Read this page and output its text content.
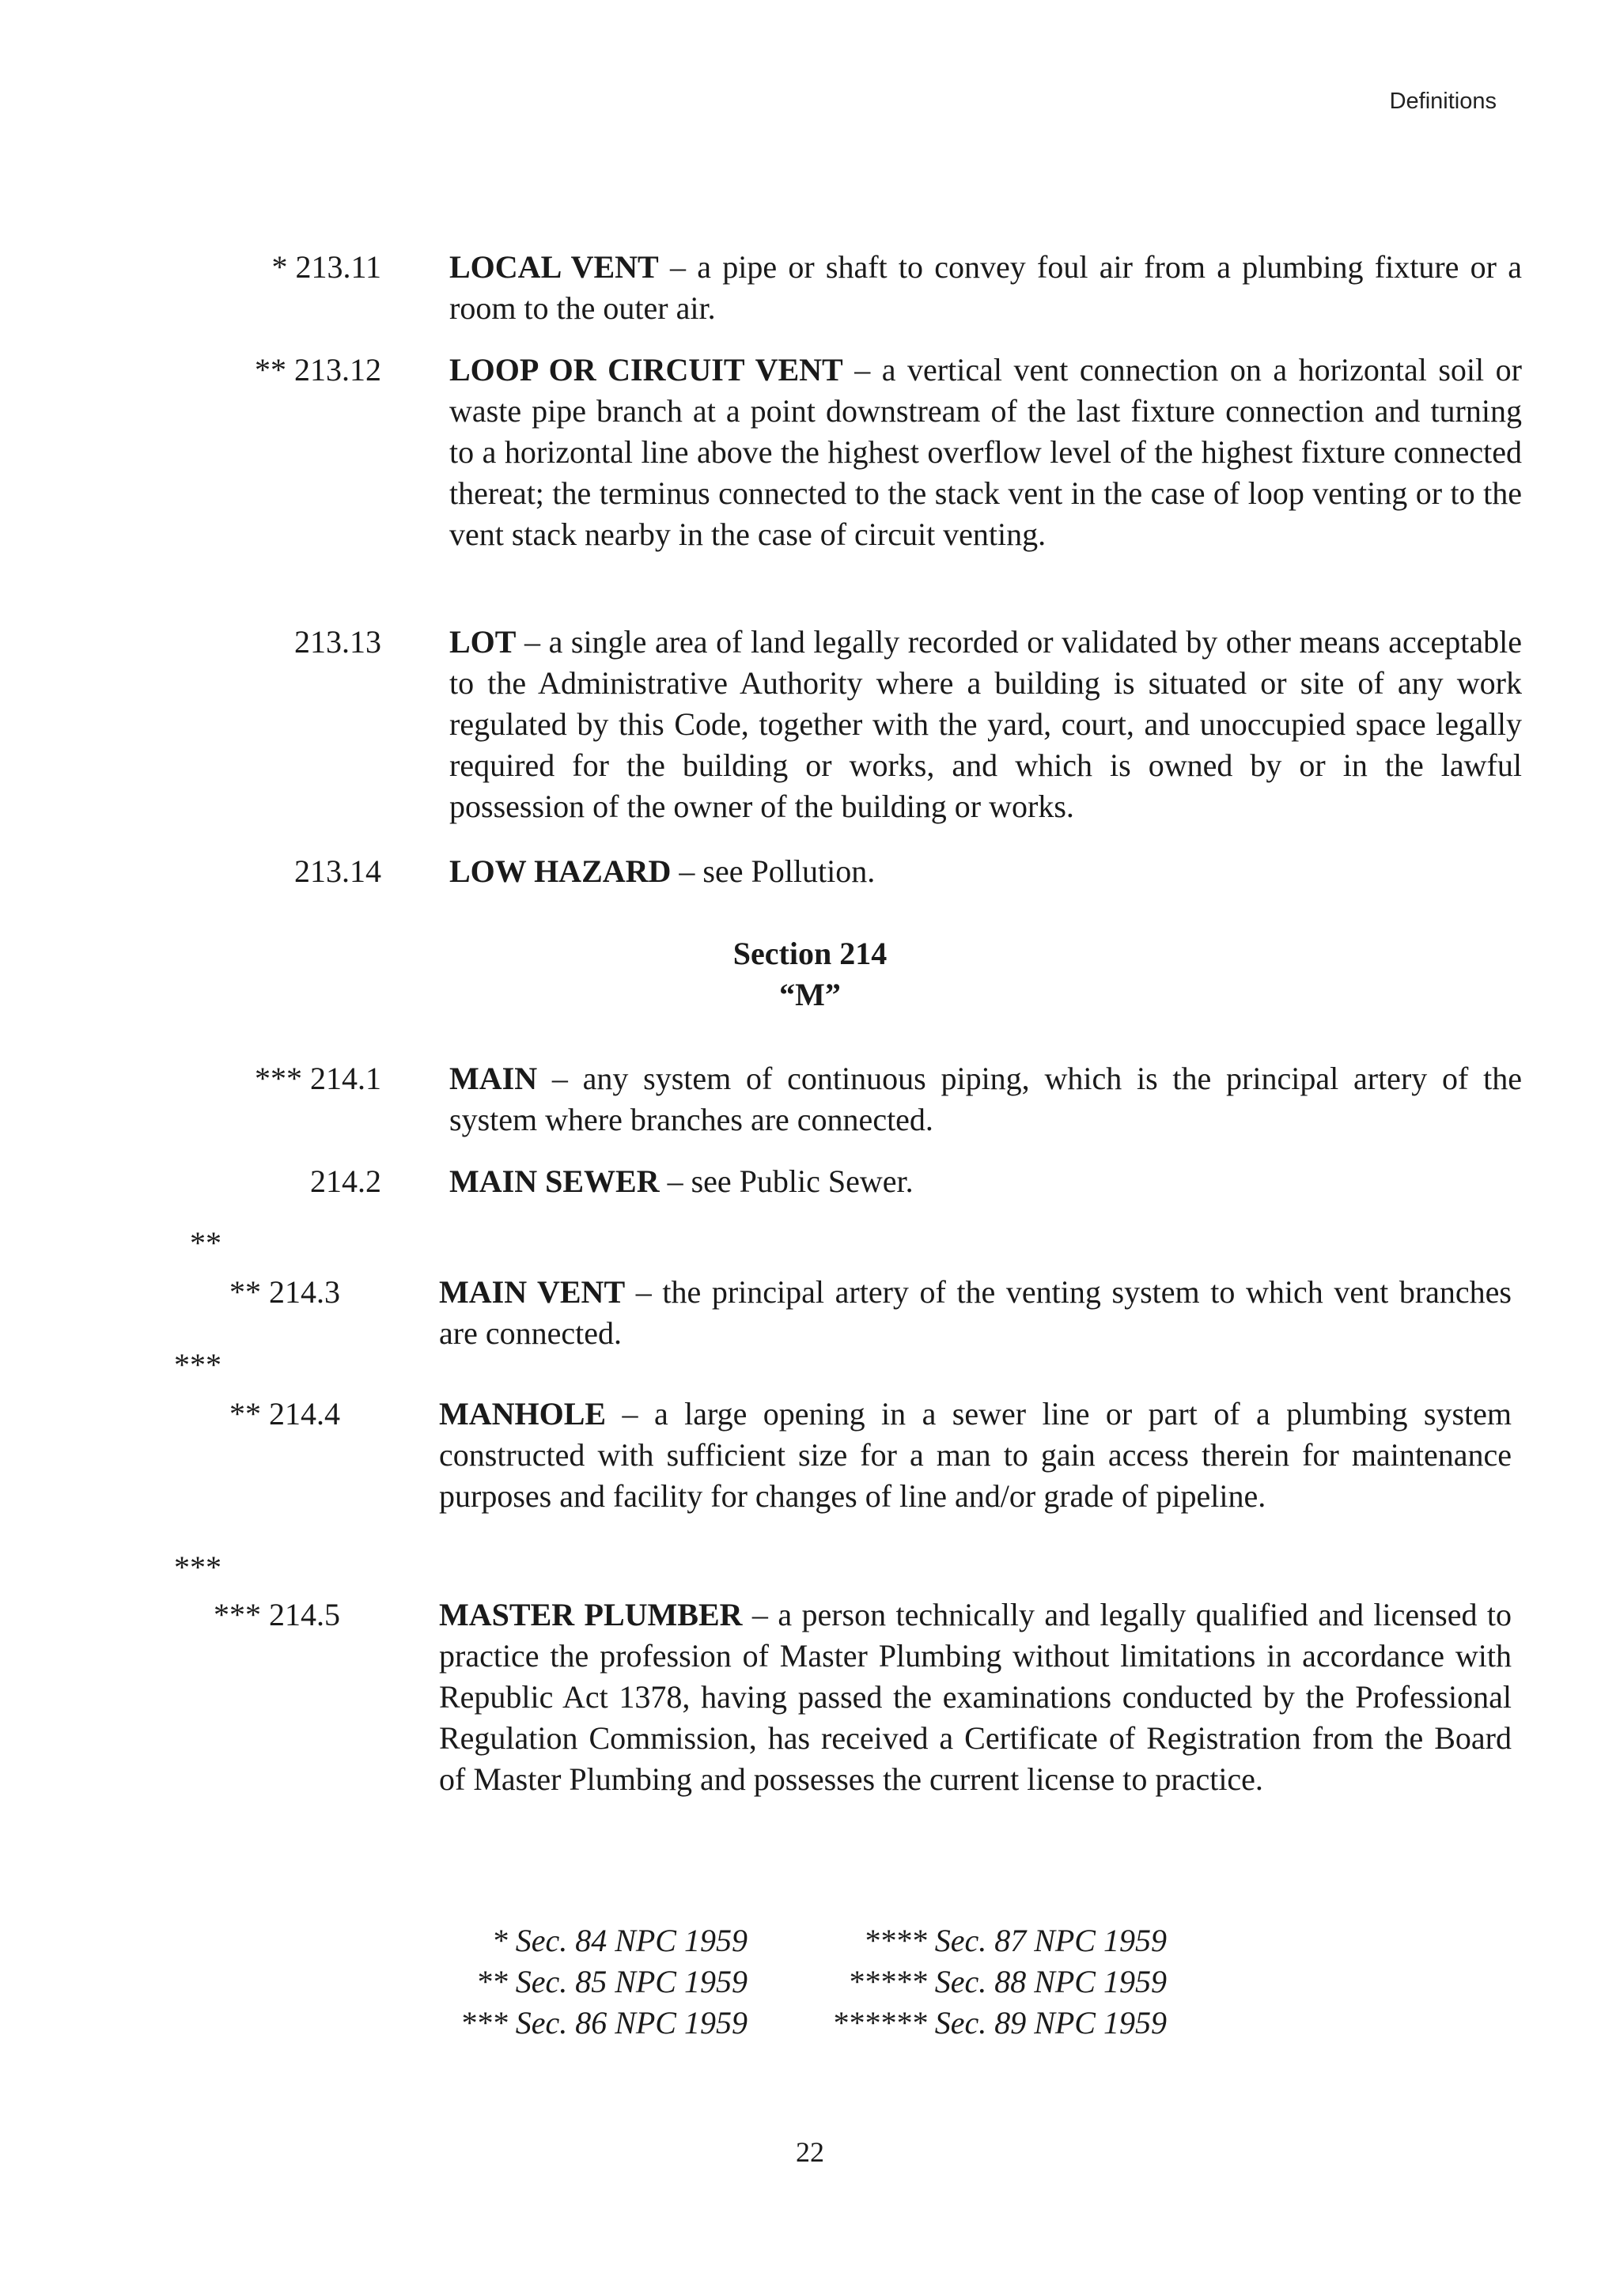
Definitions
* 213.11 LOCAL VENT – a pipe or shaft to convey foul air from a plumbing fixture or a room to the outer air.
** 213.12 LOOP OR CIRCUIT VENT – a vertical vent connection on a horizontal soil or waste pipe branch at a point downstream of the last fixture connection and turning to a horizontal line above the highest overflow level of the highest fixture connected thereat; the terminus connected to the stack vent in the case of loop venting or to the vent stack nearby in the case of circuit venting.
213.13 LOT – a single area of land legally recorded or validated by other means acceptable to the Administrative Authority where a building is situated or site of any work regulated by this Code, together with the yard, court, and unoccupied space legally required for the building or works, and which is owned by or in the lawful possession of the owner of the building or works.
213.14 LOW HAZARD – see Pollution.
Section 214
“M”
*** 214.1 MAIN – any system of continuous piping, which is the principal artery of the system where branches are connected.
214.2 MAIN SEWER – see Public Sewer.
**
** 214.3	MAIN VENT – the principal artery of the venting system to which vent branches are connected.
***
** 214.4	MANHOLE – a large opening in a sewer line or part of a plumbing system constructed with sufficient size for a man to gain access therein for maintenance purposes and facility for changes of line and/or grade of pipeline.
***
*** 214.5	MASTER PLUMBER – a person technically and legally qualified and licensed to practice the profession of Master Plumbing without limitations in accordance with Republic Act 1378, having passed the examinations conducted by the Professional Regulation Commission, has received a Certificate of Registration from the Board of Master Plumbing and possesses the current license to practice.
* Sec. 84 NPC 1959
** Sec. 85 NPC 1959
*** Sec. 86 NPC 1959
**** Sec. 87 NPC 1959
***** Sec. 88 NPC 1959
****** Sec. 89 NPC 1959
22
